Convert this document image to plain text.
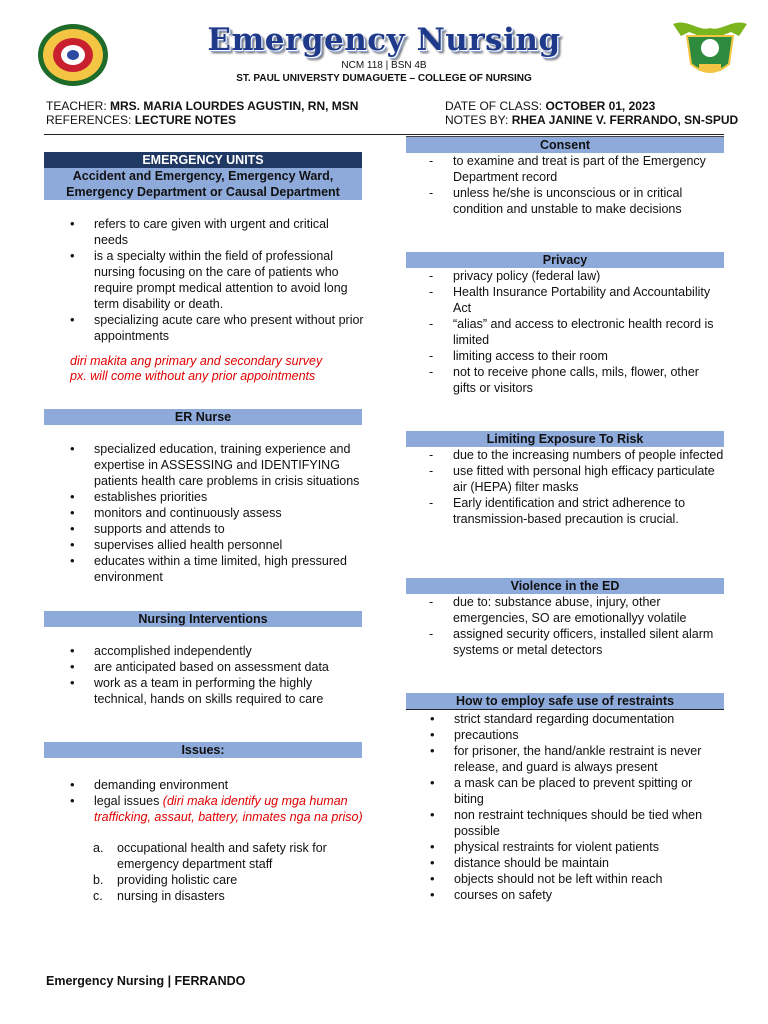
Emergency Nursing
NCM 118 | BSN 4B
ST. PAUL UNIVERSTY DUMAGUETE – COLLEGE OF NURSING
TEACHER: MRS. MARIA LOURDES AGUSTIN, RN, MSN
REFERENCES: LECTURE NOTES
DATE OF CLASS: OCTOBER 01, 2023
NOTES BY: RHEA JANINE V. FERRANDO, SN-SPUD
EMERGENCY UNITS
Accident and Emergency, Emergency Ward, Emergency Department or Causal Department
• refers to care given with urgent and critical needs
• is a specialty within the field of professional nursing focusing on the care of patients who require prompt medical attention to avoid long term disability or death.
• specializing acute care who present without prior appointments
diri makita ang primary and secondary survey
px. will come without any prior appointments
ER Nurse
• specialized education, training experience and expertise in ASSESSING and IDENTIFYING patients health care problems in crisis situations
• establishes priorities
• monitors and continuously assess
• supports and attends to
• supervises allied health personnel
• educates within a time limited, high pressured environment
Nursing Interventions
• accomplished independently
• are anticipated based on assessment data
• work as a team in performing the highly technical, hands on skills required to care
Issues:
• demanding environment
• legal issues (diri maka identify ug mga human trafficking, assaut, battery, inmates nga na priso)
a. occupational health and safety risk for emergency department staff
b. providing holistic care
c. nursing in disasters
Consent
- to examine and treat is part of the Emergency Department record
- unless he/she is unconscious or in critical condition and unstable to make decisions
Privacy
- privacy policy (federal law)
- Health Insurance Portability and Accountability Act
- “alias” and access to electronic health record is limited
- limiting access to their room
- not to receive phone calls, mils, flower, other gifts or visitors
Limiting Exposure To Risk
- due to the increasing numbers of people infected
- use fitted with personal high efficacy particulate air (HEPA) filter masks
- Early identification and strict adherence to transmission-based precaution is crucial.
Violence in the ED
- due to: substance abuse, injury, other emergencies, SO are emotionallyy volatile
- assigned security officers, installed silent alarm systems or metal detectors
How to employ safe use of restraints
• strict standard regarding documentation
• precautions
• for prisoner, the hand/ankle restraint is never release, and guard is always present
• a mask can be placed to prevent spitting or biting
• non restraint techniques should be tied when possible
• physical restraints for violent patients
• distance should be maintain
• objects should not be left within reach
• courses on safety
Emergency Nursing | FERRANDO
